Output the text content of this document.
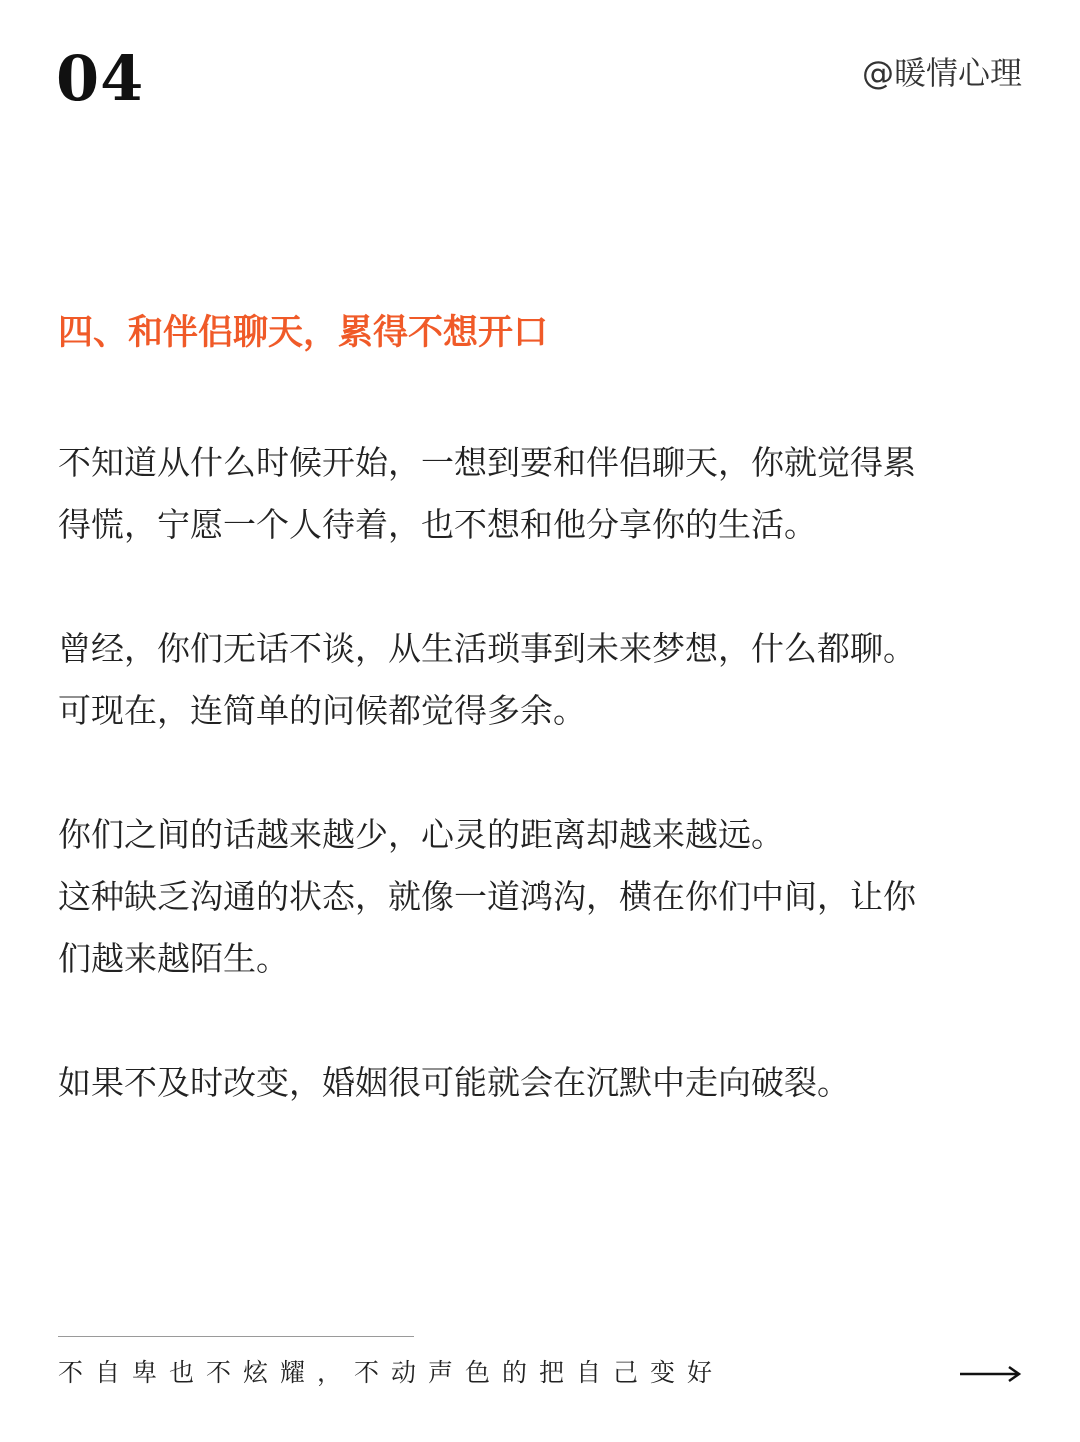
04	@暖情心理
四、和伴侣聊天，累得不想开口

不知道从什么时候开始，一想到要和伴侣聊天，你就觉得累
得慌，宁愿一个人待着，也不想和他分享你的生活。

曾经，你们无话不谈，从生活琐事到未来梦想，什么都聊。
可现在，连简单的问候都觉得多余。

你们之间的话越来越少，心灵的距离却越来越远。
这种缺乏沟通的状态，就像一道鸿沟，横在你们中间，让你
们越来越陌生。

如果不及时改变，婚姻很可能就会在沉默中走向破裂。

不自卑也不炫耀，不动声色的把自己变好
